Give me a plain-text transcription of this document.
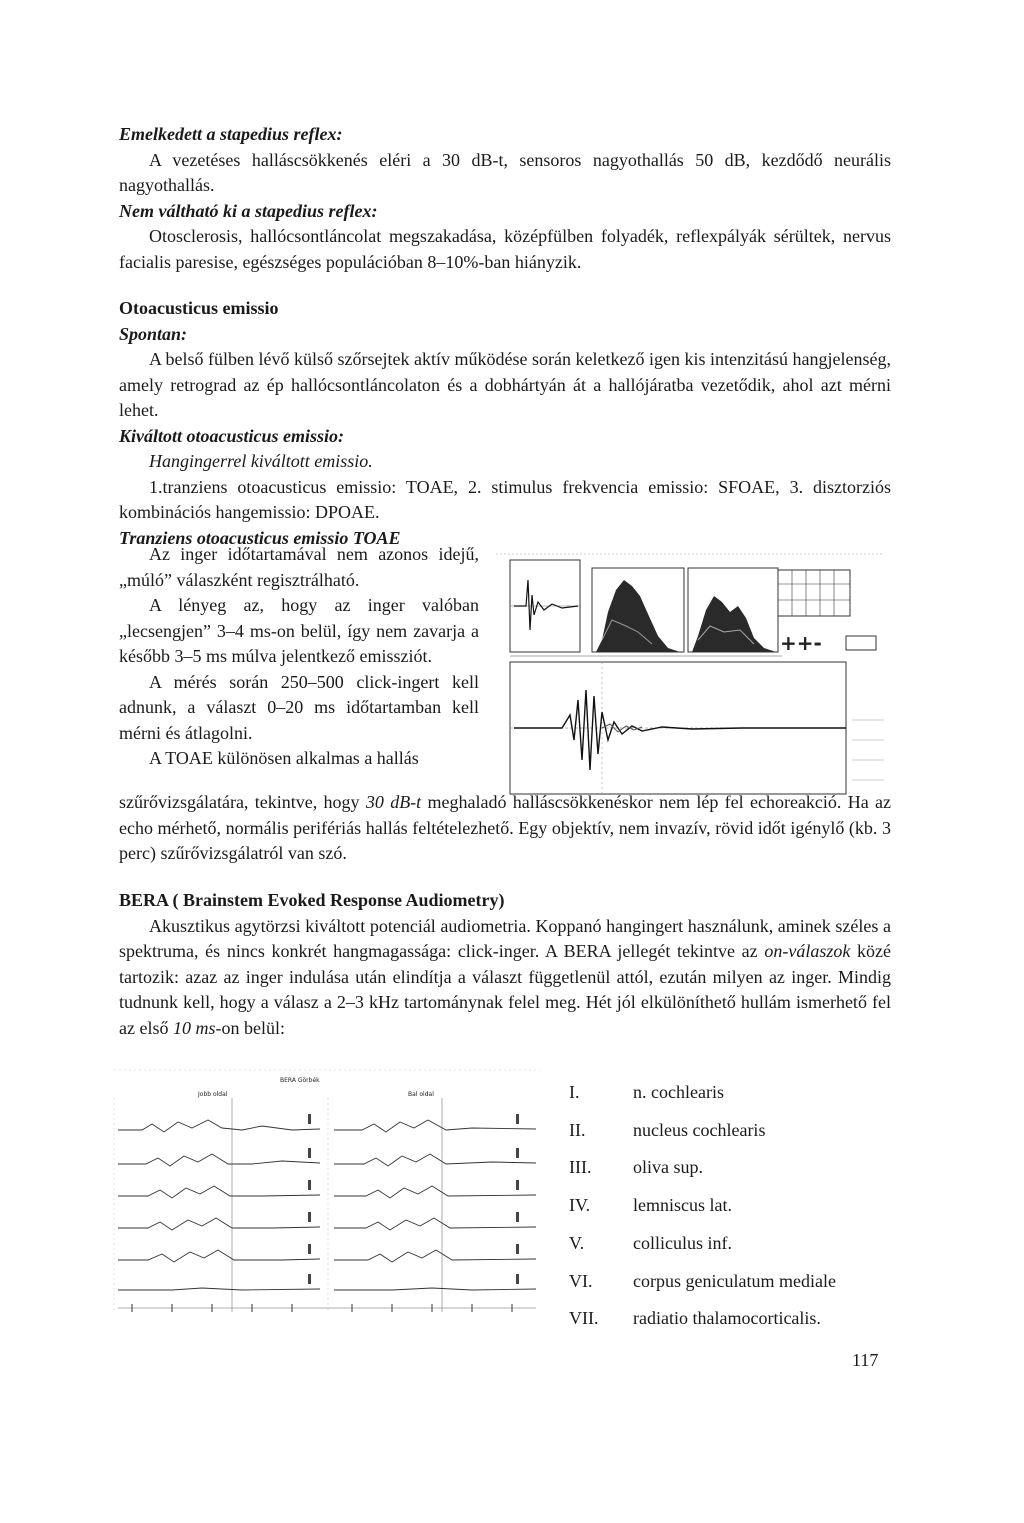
Emelkedett a stapedius reflex:

A vezetéses halláscsökkenés eléri a 30 dB-t, sensoros nagyothallás 50 dB, kezdődő neurális nagyothallás.

Nem váltható ki a stapedius reflex:

Otosclerosis, hallócsontláncolat megszakadása, középfülben folyadék, reflexpályák sérültek, nervus facialis paresise, egészséges populációban 8–10%-ban hiányzik.

Otoacusticus emissio

Spontan:

A belső fülben lévő külső szőrsejtek aktív működése során keletkező igen kis intenzitású hangjelenség, amely retrograd az ép hallócsontláncolaton és a dobhártyán át a hallójáratba vezetődik, ahol azt mérni lehet.

Kiváltott otoacusticus emissio:

Hangingerrel kiváltott emissio.

1.tranziens otoacusticus emissio: TOAE, 2. stimulus frekvencia emissio: SFOAE, 3. disztorziós kombinációs hangemissio: DPOAE.

Tranziens otoacusticus emissio TOAE

Az inger időtartamával nem azonos idejű, „múló” válaszként regisztrálható.

A lényeg az, hogy az inger valóban „lecsengjen” 3–4 ms-on belül, így nem zavarja a később 3–5 ms múlva jelentkező emissziót.

A mérés során 250–500 click-ingert kell adnunk, a választ 0–20 ms időtartamban kell mérni és átlagolni.

A TOAE különösen alkalmas a hallás

++-
szűrővizsgálatára, tekintve, hogy 30 dB-t meghaladó halláscsökkenéskor nem lép fel echoreakció. Ha az echo mérhető, normális perifériás hallás feltételezhető. Egy objektív, nem invazív, rövid időt igénylő (kb. 3 perc) szűrővizsgálatról van szó.

BERA ( Brainstem Evoked Response Audiometry)

Akusztikus agytörzsi kiváltott potenciál audiometria. Koppanó hangingert használunk, aminek széles a spektruma, és nincs konkrét hangmagassága: click-inger. A BERA jellegét tekintve az on-válaszok közé tartozik: azaz az inger indulása után elindítja a választ függetlenül attól, ezután milyen az inger. Mindig tudnunk kell, hogy a válasz a 2–3 kHz tartománynak felel meg. Hét jól elkülöníthető hullám ismerhető fel az első 10 ms-on belül:

BERA Görbék
Jobb oldal	Bal oldal	I.	n. cochlearis
II.	nucleus cochlearis
III.	oliva sup.
IV.	lemniscus lat.
V.	colliculus inf.
VI.	corpus geniculatum mediale
VII.	radiatio thalamocorticalis.
117
